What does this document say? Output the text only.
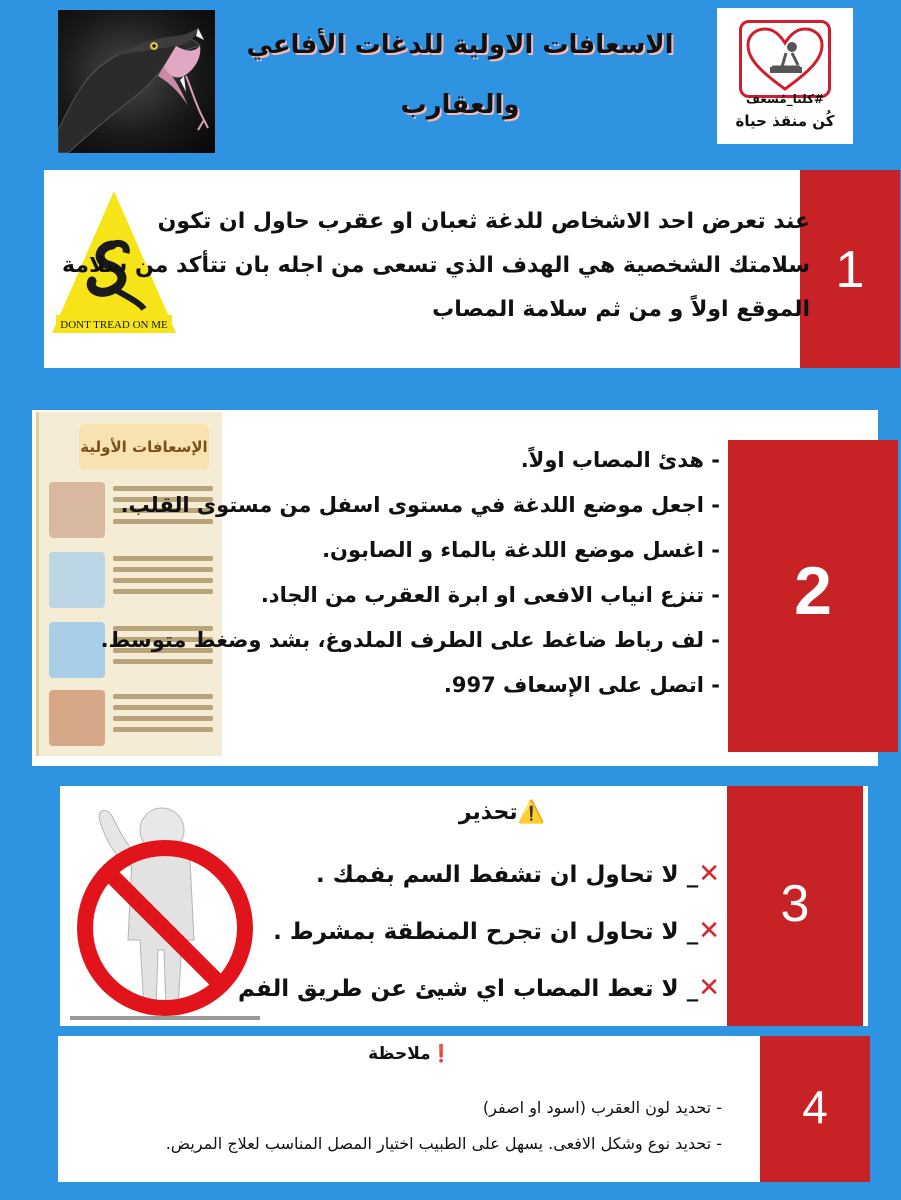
الاسعافات الاولية للدغات الأفاعي
والعقارب	#كلنا_مُسعف
كُن منقذ حياة
1
DONT TREAD ON ME
عند تعرض احد الاشخاص للدغة ثعبان او عقرب حاول ان تكون
سلامتك الشخصية هي الهدف الذي تسعى من اجله بان تتأكد من سلامة
الموقع اولاً و من ثم سلامة المصاب
الإسعافات الأولية
2
- هدئ المصاب اولاً.
- اجعل موضع اللدغة في مستوى اسفل من مستوى القلب.
- اغسل موضع اللدغة بالماء و الصابون.
- تنزع انياب الافعى او ابرة العقرب من الجاد.
- لف رباط ضاغط على الطرف الملدوغ، بشد وضغط متوسط.
- اتصل على الإسعاف 997.
3
⚠️تحذير
✕_ لا تحاول ان تشفط السم بفمك .
✕_ لا تحاول ان تجرح المنطقة بمشرط .
✕_ لا تعط المصاب اي شيئ عن طريق الفم
4
❗ملاحظة
- تحديد لون العقرب (اسود او اصفر)
- تحديد نوع وشكل الافعى. يسهل على الطبيب اختيار المصل المناسب لعلاج المريض.
